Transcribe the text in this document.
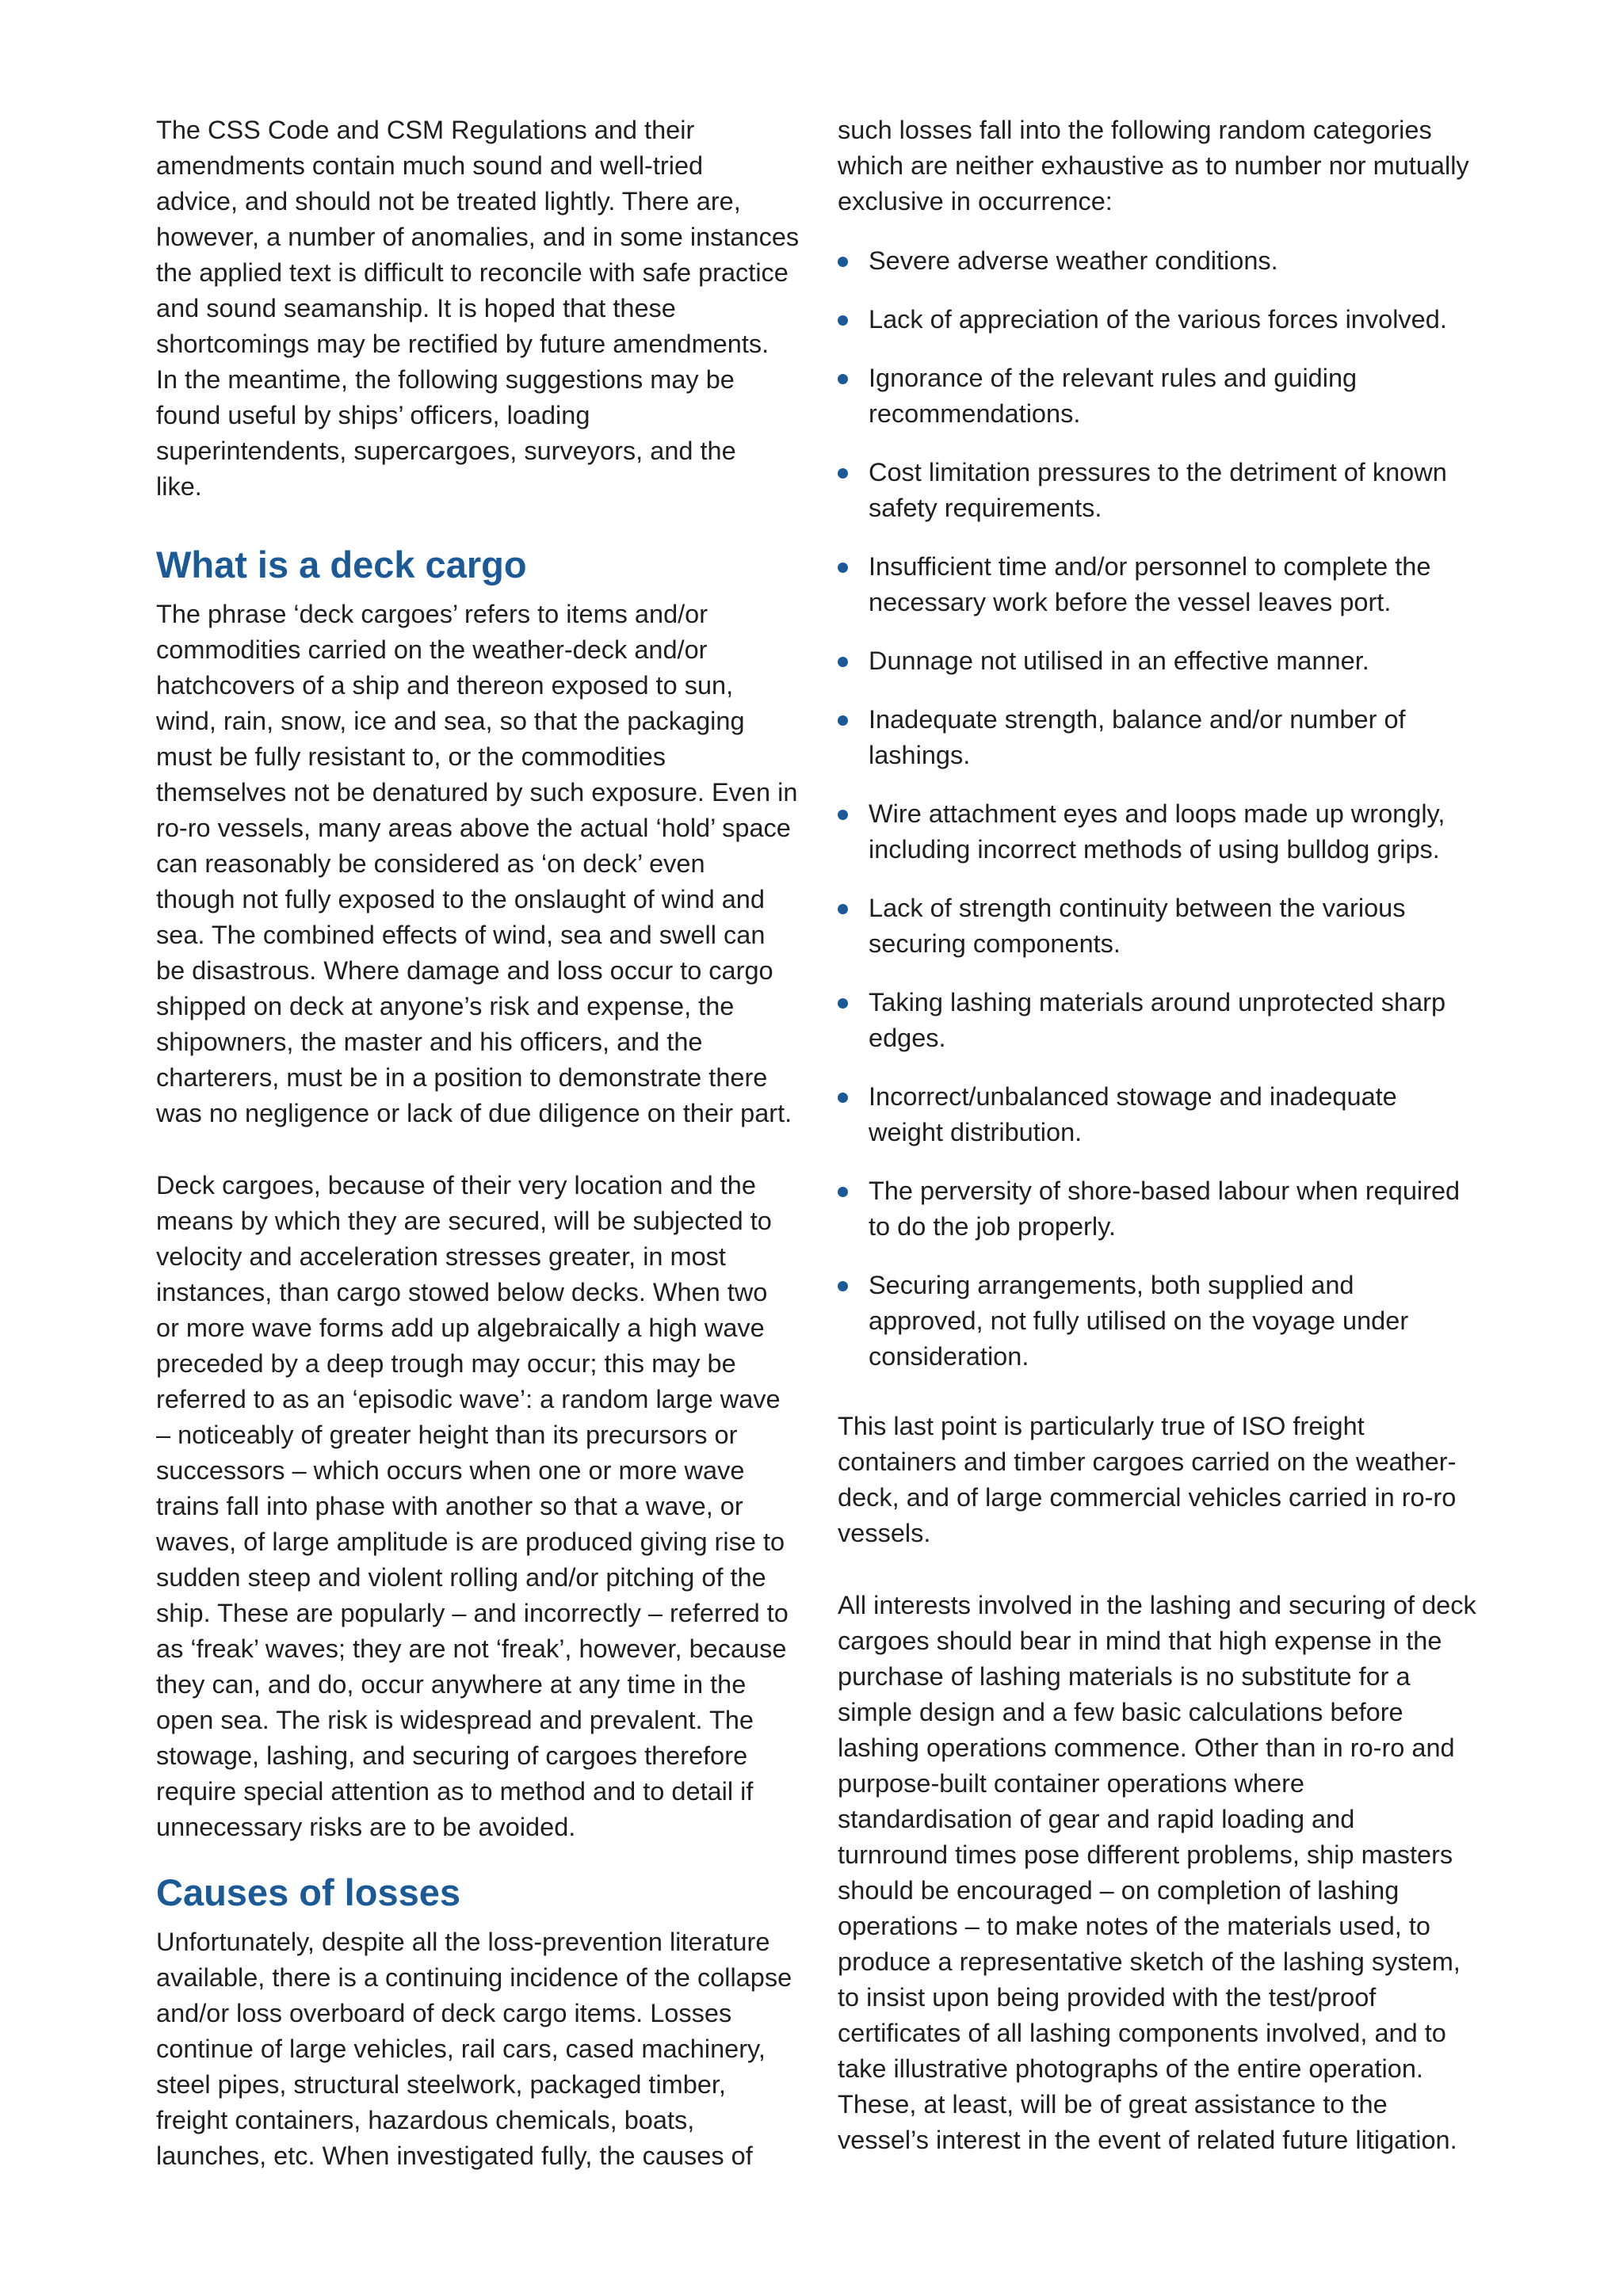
The CSS Code and CSM Regulations and their
amendments contain much sound and well-tried
advice, and should not be treated lightly. There are,
however, a number of anomalies, and in some instances
the applied text is difficult to reconcile with safe practice
and sound seamanship. It is hoped that these
shortcomings may be rectified by future amendments.
In the meantime, the following suggestions may be
found useful by ships’ officers, loading
superintendents, supercargoes, surveyors, and the
like.

What is a deck cargo

The phrase ‘deck cargoes’ refers to items and/or
commodities carried on the weather-deck and/or
hatchcovers of a ship and thereon exposed to sun,
wind, rain, snow, ice and sea, so that the packaging
must be fully resistant to, or the commodities
themselves not be denatured by such exposure. Even in
ro-ro vessels, many areas above the actual ‘hold’ space
can reasonably be considered as ‘on deck’ even
though not fully exposed to the onslaught of wind and
sea. The combined effects of wind, sea and swell can
be disastrous. Where damage and loss occur to cargo
shipped on deck at anyone’s risk and expense, the
shipowners, the master and his officers, and the
charterers, must be in a position to demonstrate there
was no negligence or lack of due diligence on their part.

Deck cargoes, because of their very location and the
means by which they are secured, will be subjected to
velocity and acceleration stresses greater, in most
instances, than cargo stowed below decks. When two
or more wave forms add up algebraically a high wave
preceded by a deep trough may occur; this may be
referred to as an ‘episodic wave’: a random large wave
– noticeably of greater height than its precursors or
successors – which occurs when one or more wave
trains fall into phase with another so that a wave, or
waves, of large amplitude is are produced giving rise to
sudden steep and violent rolling and/or pitching of the
ship. These are popularly – and incorrectly – referred to
as ‘freak’ waves; they are not ‘freak’, however, because
they can, and do, occur anywhere at any time in the
open sea. The risk is widespread and prevalent. The
stowage, lashing, and securing of cargoes therefore
require special attention as to method and to detail if
unnecessary risks are to be avoided.

Causes of losses

Unfortunately, despite all the loss-prevention literature
available, there is a continuing incidence of the collapse
and/or loss overboard of deck cargo items. Losses
continue of large vehicles, rail cars, cased machinery,
steel pipes, structural steelwork, packaged timber,
freight containers, hazardous chemicals, boats,
launches, etc. When investigated fully, the causes of

such losses fall into the following random categories
which are neither exhaustive as to number nor mutually
exclusive in occurrence:

Severe adverse weather conditions.
Lack of appreciation of the various forces involved.
Ignorance of the relevant rules and guiding
recommendations.
Cost limitation pressures to the detriment of known
safety requirements.
Insufficient time and/or personnel to complete the
necessary work before the vessel leaves port.
Dunnage not utilised in an effective manner.
Inadequate strength, balance and/or number of
lashings.
Wire attachment eyes and loops made up wrongly,
including incorrect methods of using bulldog grips.
Lack of strength continuity between the various
securing components.
Taking lashing materials around unprotected sharp
edges.
Incorrect/unbalanced stowage and inadequate
weight distribution.
The perversity of shore-based labour when required
to do the job properly.
Securing arrangements, both supplied and
approved, not fully utilised on the voyage under
consideration.

This last point is particularly true of ISO freight
containers and timber cargoes carried on the weather-
deck, and of large commercial vehicles carried in ro-ro
vessels.

All interests involved in the lashing and securing of deck
cargoes should bear in mind that high expense in the
purchase of lashing materials is no substitute for a
simple design and a few basic calculations before
lashing operations commence. Other than in ro-ro and
purpose-built container operations where
standardisation of gear and rapid loading and
turnround times pose different problems, ship masters
should be encouraged – on completion of lashing
operations – to make notes of the materials used, to
produce a representative sketch of the lashing system,
to insist upon being provided with the test/proof
certificates of all lashing components involved, and to
take illustrative photographs of the entire operation.
These, at least, will be of great assistance to the
vessel’s interest in the event of related future litigation.
